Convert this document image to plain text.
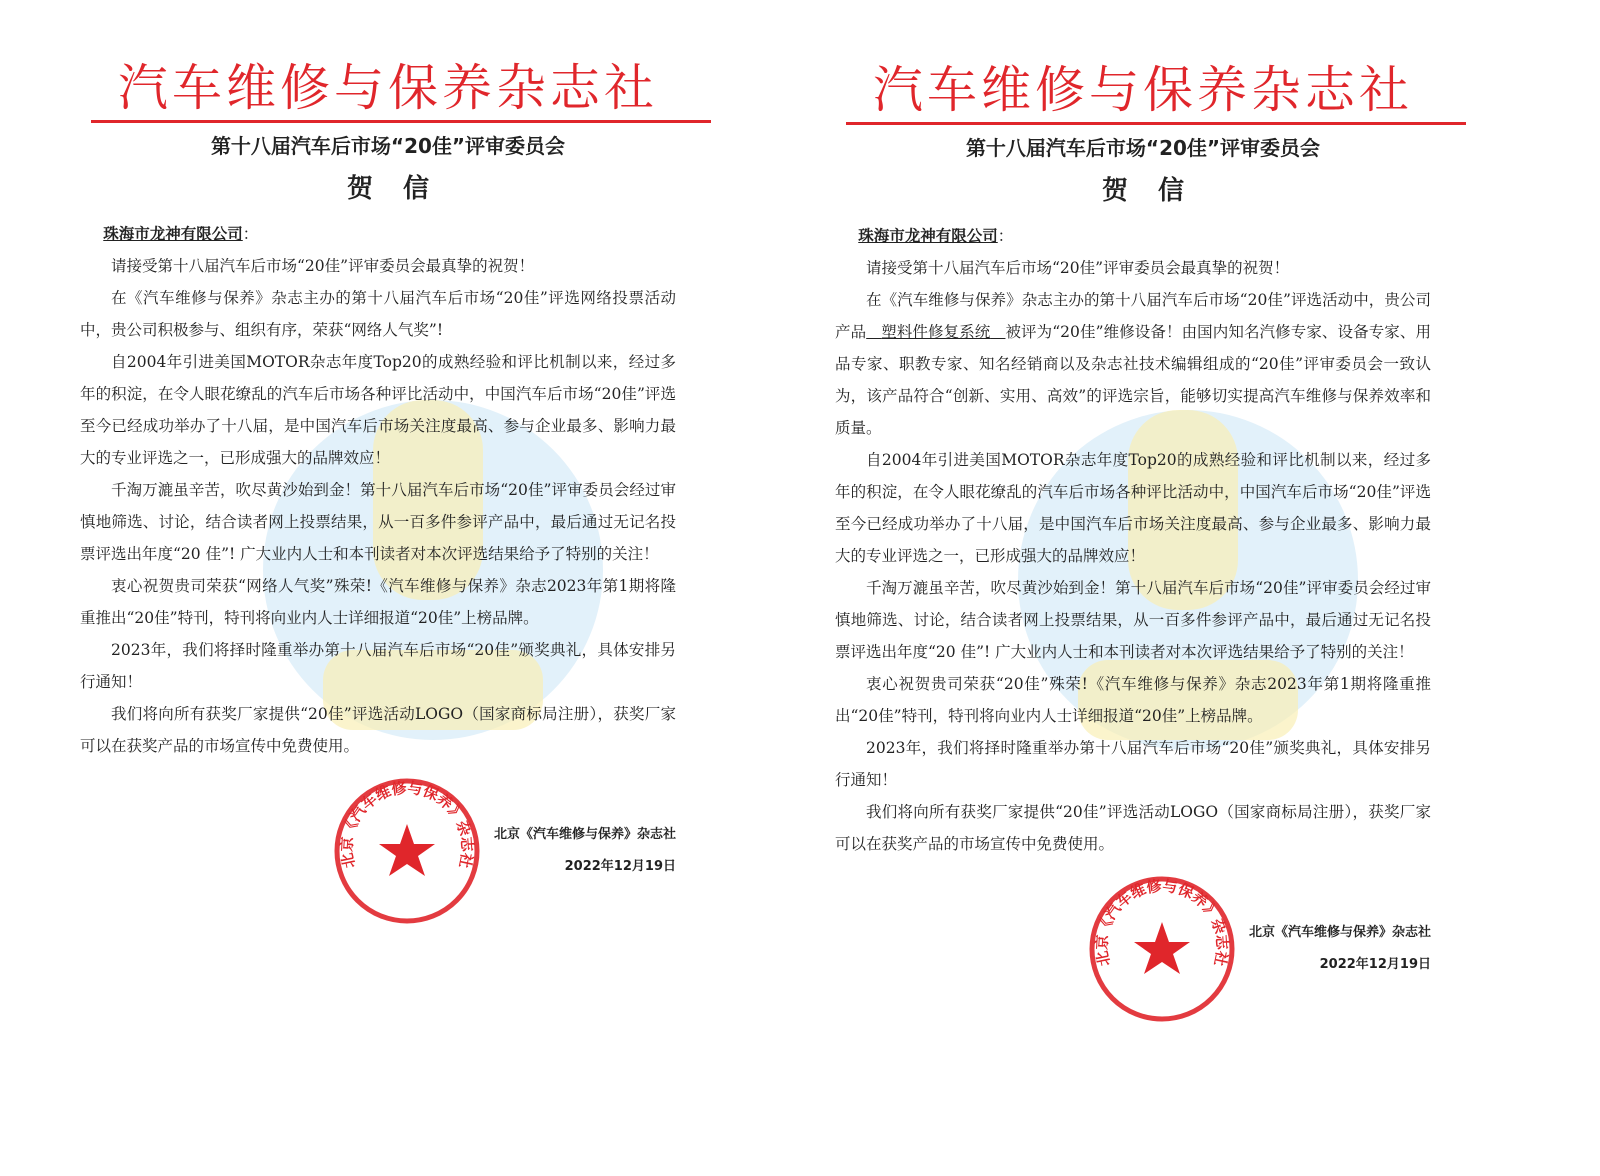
汽车维修与保养杂志社
第十八届汽车后市场“20佳”评审委员会
贺信

珠海市龙神有限公司：

请接受第十八届汽车后市场“20佳”评审委员会最真挚的祝贺！

在《汽车维修与保养》杂志主办的第十八届汽车后市场“20佳”评选网络投票活动中，贵公司积极参与、组织有序，荣获“网络人气奖”!

自2004年引进美国MOTOR杂志年度Top20的成熟经验和评比机制以来，经过多年的积淀，在令人眼花缭乱的汽车后市场各种评比活动中，中国汽车后市场“20佳”评选至今已经成功举办了十八届，是中国汽车后市场关注度最高、参与企业最多、影响力最大的专业评选之一，已形成强大的品牌效应！

千淘万漉虽辛苦，吹尽黄沙始到金！第十八届汽车后市场“20佳”评审委员会经过审慎地筛选、讨论，结合读者网上投票结果，从一百多件参评产品中，最后通过无记名投票评选出年度“20 佳”! 广大业内人士和本刊读者对本次评选结果给予了特别的关注！

衷心祝贺贵司荣获“网络人气奖”殊荣!《汽车维修与保养》杂志2023年第1期将隆重推出“20佳”特刊，特刊将向业内人士详细报道“20佳”上榜品牌。

2023年，我们将择时隆重举办第十八届汽车后市场“20佳”颁奖典礼，具体安排另行通知！

我们将向所有获奖厂家提供“20佳”评选活动LOGO（国家商标局注册），获奖厂家可以在获奖产品的市场宣传中免费使用。

北京《汽车维修与保养》杂志社
北京《汽车维修与保养》杂志社
2022年12月19日
汽车维修与保养杂志社
第十八届汽车后市场“20佳”评审委员会
贺信

珠海市龙神有限公司：

请接受第十八届汽车后市场“20佳”评审委员会最真挚的祝贺！

在《汽车维修与保养》杂志主办的第十八届汽车后市场“20佳”评选活动中，贵公司产品 塑料件修复系统 被评为“20佳”维修设备！由国内知名汽修专家、设备专家、用品专家、职教专家、知名经销商以及杂志社技术编辑组成的“20佳”评审委员会一致认为，该产品符合“创新、实用、高效”的评选宗旨，能够切实提高汽车维修与保养效率和质量。

自2004年引进美国MOTOR杂志年度Top20的成熟经验和评比机制以来，经过多年的积淀，在令人眼花缭乱的汽车后市场各种评比活动中，中国汽车后市场“20佳”评选至今已经成功举办了十八届，是中国汽车后市场关注度最高、参与企业最多、影响力最大的专业评选之一，已形成强大的品牌效应！

千淘万漉虽辛苦，吹尽黄沙始到金！第十八届汽车后市场“20佳”评审委员会经过审慎地筛选、讨论，结合读者网上投票结果，从一百多件参评产品中，最后通过无记名投票评选出年度“20 佳”! 广大业内人士和本刊读者对本次评选结果给予了特别的关注！

衷心祝贺贵司荣获“20佳”殊荣!《汽车维修与保养》杂志2023年第1期将隆重推出“20佳”特刊，特刊将向业内人士详细报道“20佳”上榜品牌。

2023年，我们将择时隆重举办第十八届汽车后市场“20佳”颁奖典礼，具体安排另行通知！

我们将向所有获奖厂家提供“20佳”评选活动LOGO（国家商标局注册），获奖厂家可以在获奖产品的市场宣传中免费使用。

北京《汽车维修与保养》杂志社
北京《汽车维修与保养》杂志社
2022年12月19日
